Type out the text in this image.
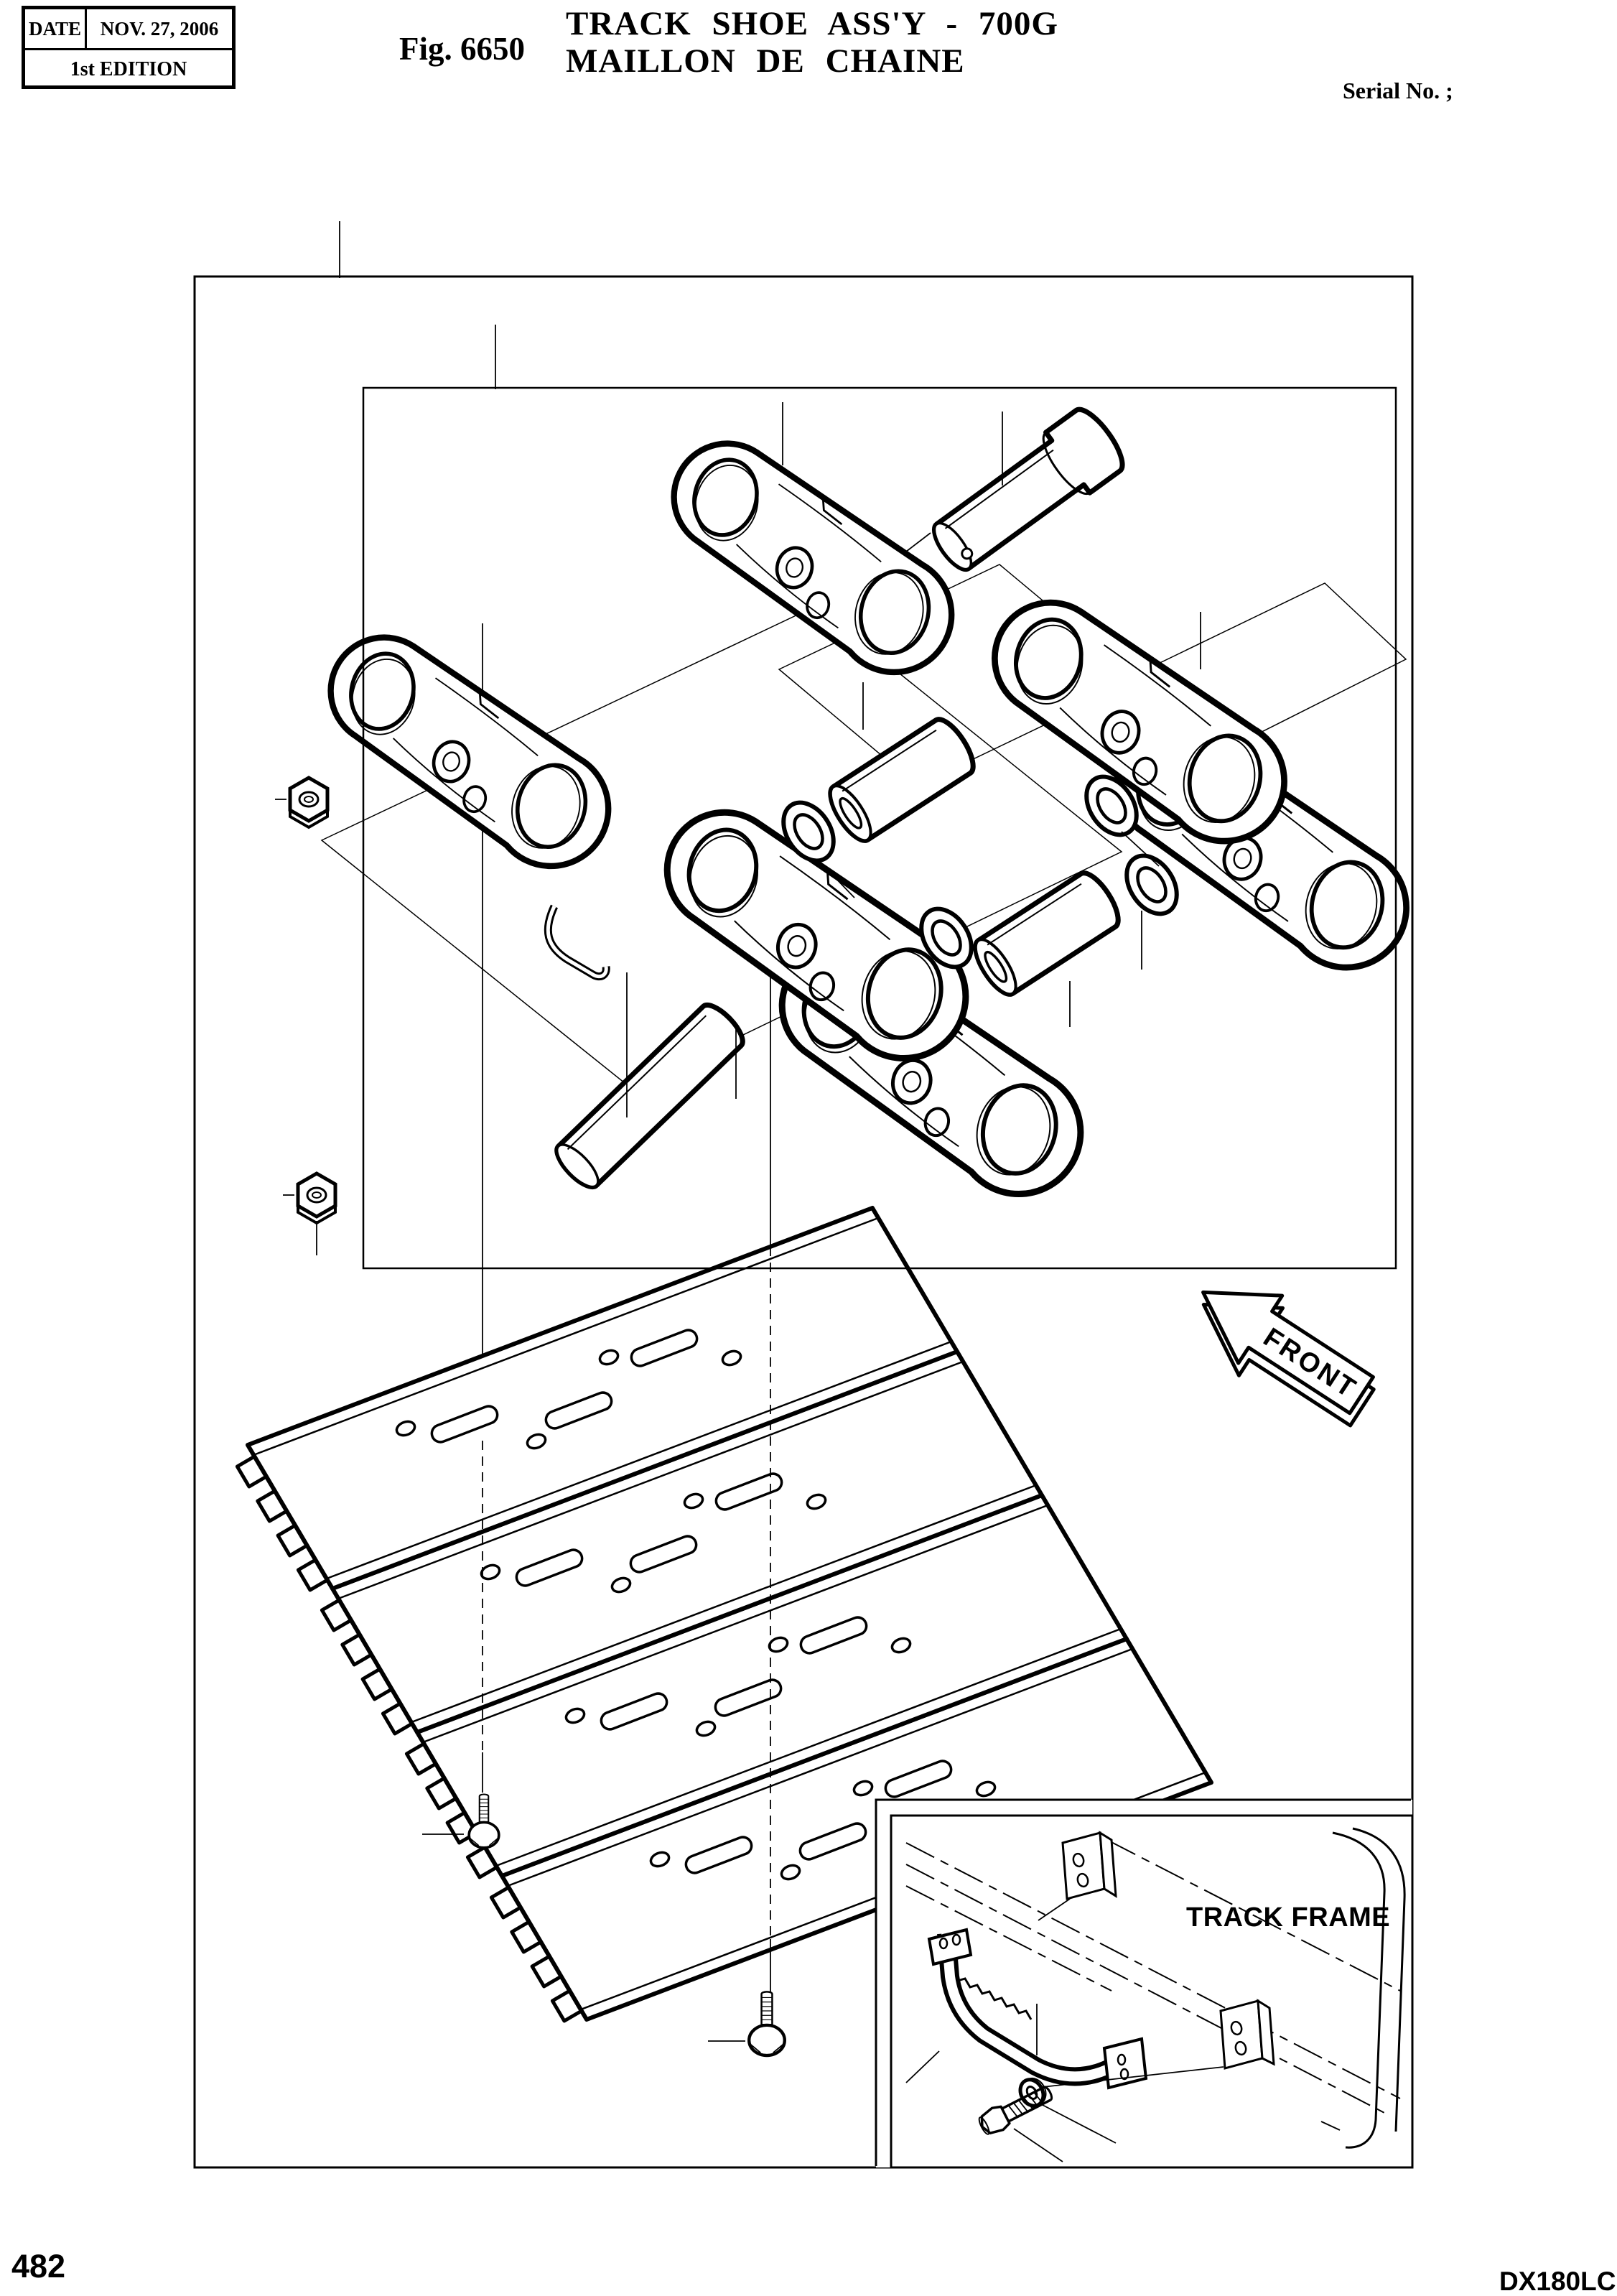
DATE NOV. 27, 2006
1st EDITION
Fig. 6650
TRACK SHOE ASS'Y - 700G
MAILLON DE CHAINE
Serial No. ;
FRONT
TRACK FRAME
482	DX180LC
